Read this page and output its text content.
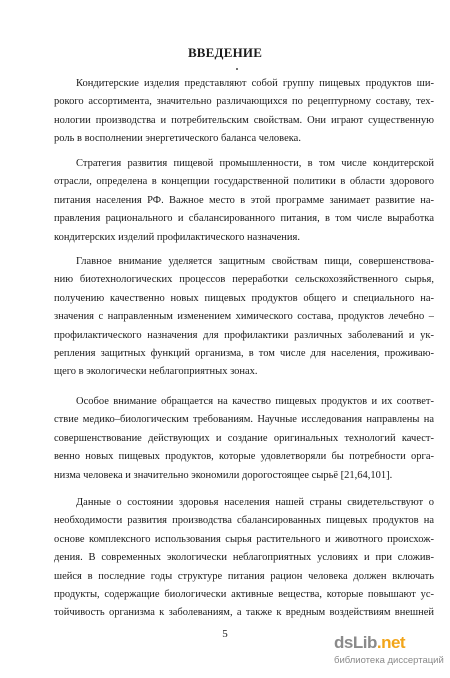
ВВЕДЕНИЕ
Кондитерские изделия представляют собой группу пищевых продуктов ши-
рокого ассортимента, значительно различающихся по рецептурному составу, тех-
нологии производства и потребительским свойствам. Они играют существенную
роль в восполнении энергетического баланса человека.
Стратегия развития пищевой промышленности, в том числе кондитерской
отрасли, определена в концепции государственной политики в области здорового
питания населения РФ. Важное место в этой программе занимает развитие на-
правления рационального и сбалансированного питания, в том числе выработка
кондитерских изделий профилактического назначения.
Главное внимание уделяется защитным свойствам пищи, совершенствова-
нию биотехнологических процессов переработки сельскохозяйственного сырья,
получению качественно новых пищевых продуктов общего и специального на-
значения с направленным изменением химического состава, продуктов лечебно –
профилактического назначения для профилактики различных заболеваний и ук-
репления защитных функций организма, в том числе для населения, проживаю-
щего в экологически неблагоприятных зонах.
Особое внимание обращается на качество пищевых продуктов и их соответ-
ствие медико–биологическим требованиям. Научные исследования направлены на
совершенствование действующих и создание оригинальных технологий качест-
венно новых пищевых продуктов, которые удовлетворяли бы потребности орга-
низма человека и значительно экономили дорогостоящее сырьё [21,64,101].
Данные о состоянии здоровья населения нашей страны свидетельствуют о
необходимости развития производства сбалансированных пищевых продуктов на
основе комплексного использования сырья растительного и животного происхож-
дения. В современных экологически неблагоприятных условиях и при сложив-
шейся в последние годы структуре питания рацион человека должен включать
продукты, содержащие биологически активные вещества, которые повышают ус-
тойчивость организма к заболеваниям, а также к вредным воздействиям внешней
5	dsLib.net
библиотека диссертаций
